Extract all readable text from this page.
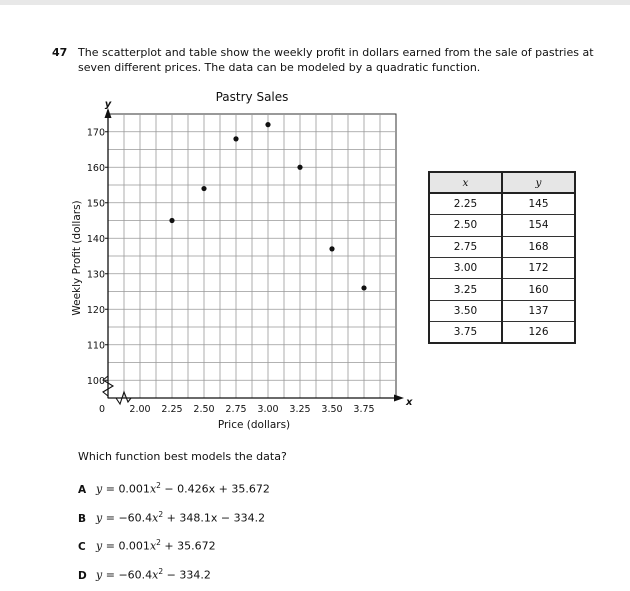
47 The scatterplot and table show the weekly profit in dollars earned from the sale of pastries at seven different prices. The data can be modeled by a quadratic function.
100
110
120
130
140
150
160
170
2.00 2.25 2.50 2.75 3.00 3.25 3.50 3.75
0
x
y
Pastry Sales
Price (dollars)
Weekly Profit (dollars)
x	y
2.25	145
2.50	154
2.75	168
3.00	172
3.25	160
3.50	137
3.75	126
Which function best models the data?
A $y = 0.001x^2 - 0.426x + 35.672$
B $y = -60.4x^2 + 348.1x - 334.2$
C $y = 0.001x^2 + 35.672$
D $y = -60.4x^2 - 334.2$
